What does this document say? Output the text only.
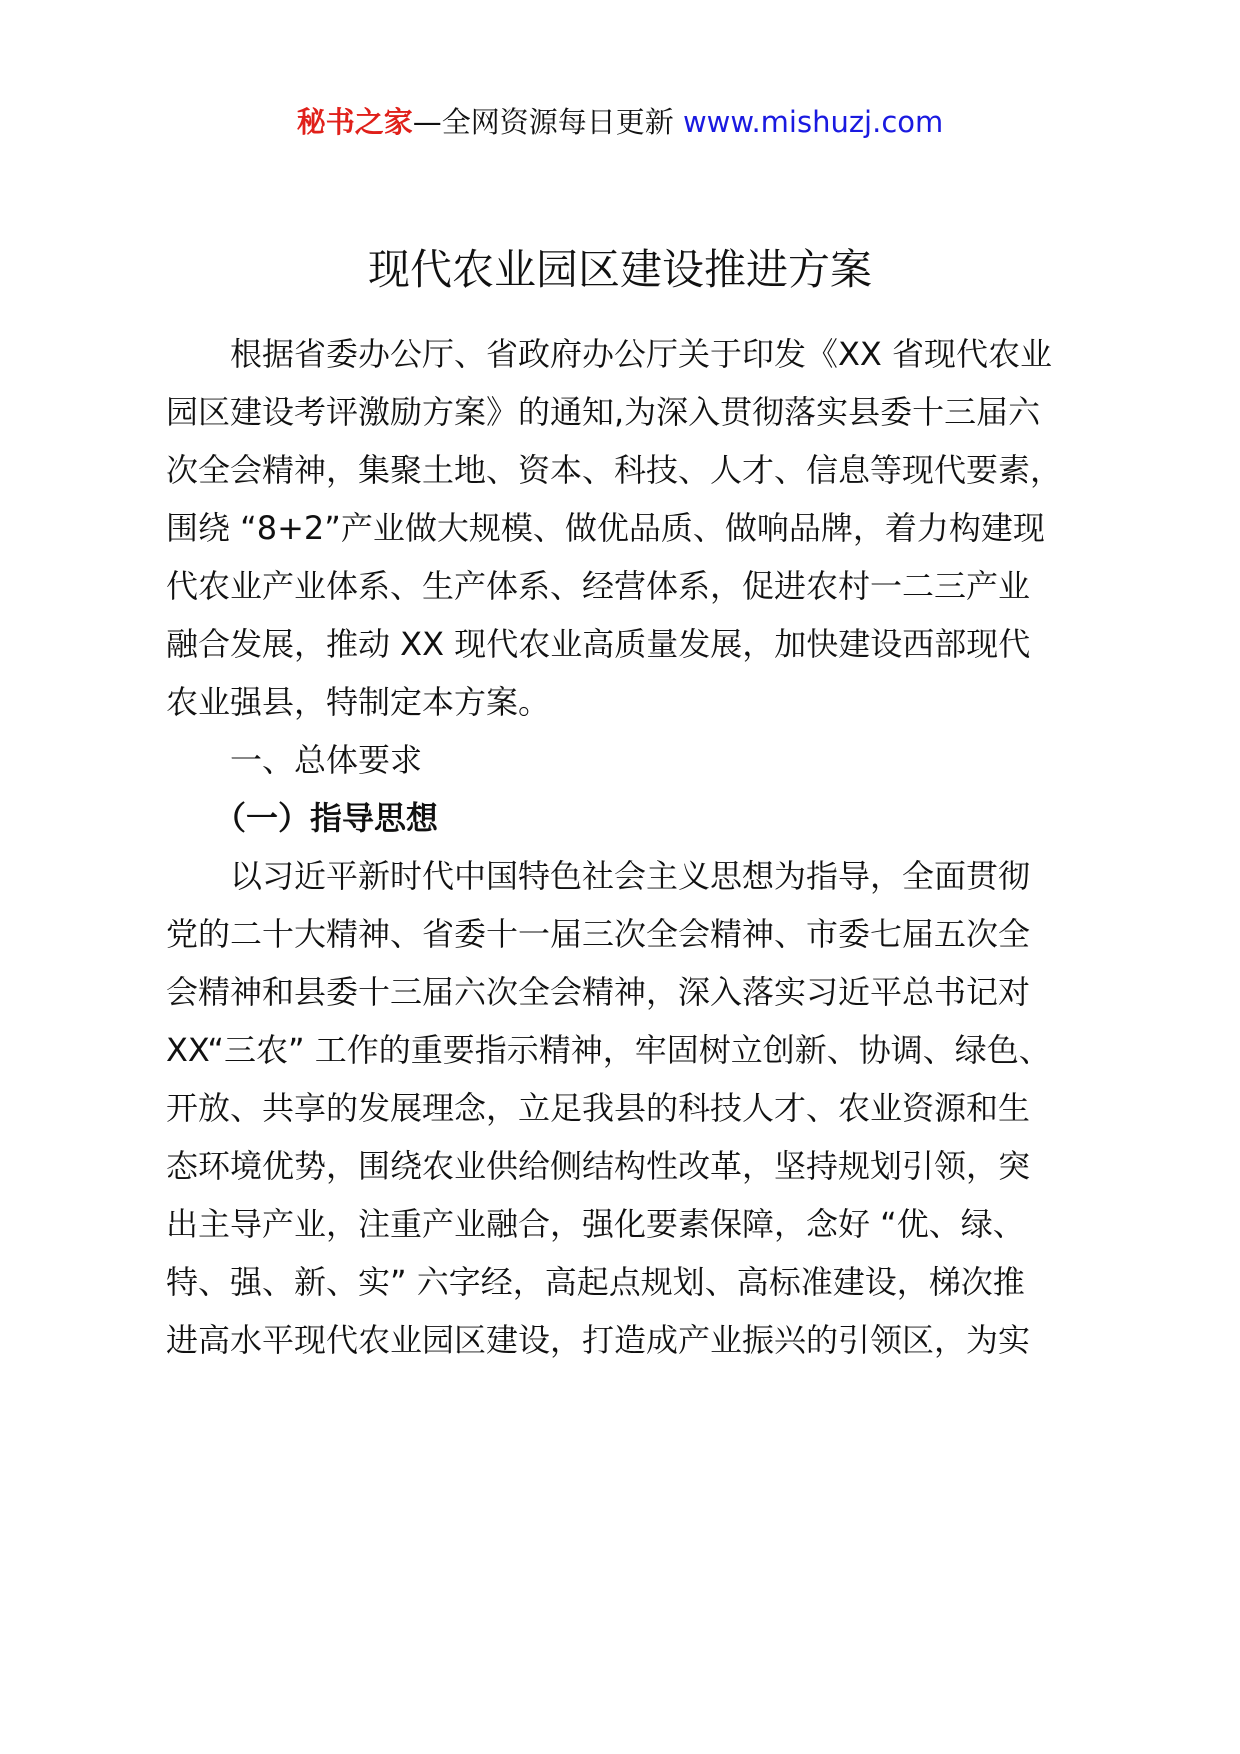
秘书之家—全网资源每日更新 www.mishuzj.com
现代农业园区建设推进方案
根据省委办公厅、省政府办公厅关于印发《XX 省现代农业
园区建设考评激励方案》的通知,为深入贯彻落实县委十三届六
次全会精神，集聚土地、资本、科技、人才、信息等现代要素，
围绕 “8+2”产业做大规模、做优品质、做响品牌，着力构建现
代农业产业体系、生产体系、经营体系，促进农村一二三产业
融合发展，推动 XX 现代农业高质量发展，加快建设西部现代
农业强县，特制定本方案。
一、总体要求
（一）指导思想
以习近平新时代中国特色社会主义思想为指导，全面贯彻
党的二十大精神、省委十一届三次全会精神、市委七届五次全
会精神和县委十三届六次全会精神，深入落实习近平总书记对
XX“三农” 工作的重要指示精神，牢固树立创新、协调、绿色、
开放、共享的发展理念，立足我县的科技人才、农业资源和生
态环境优势，围绕农业供给侧结构性改革，坚持规划引领，突
出主导产业，注重产业融合，强化要素保障，念好 “优、绿、
特、强、新、实” 六字经，高起点规划、高标准建设，梯次推
进高水平现代农业园区建设，打造成产业振兴的引领区，为实
